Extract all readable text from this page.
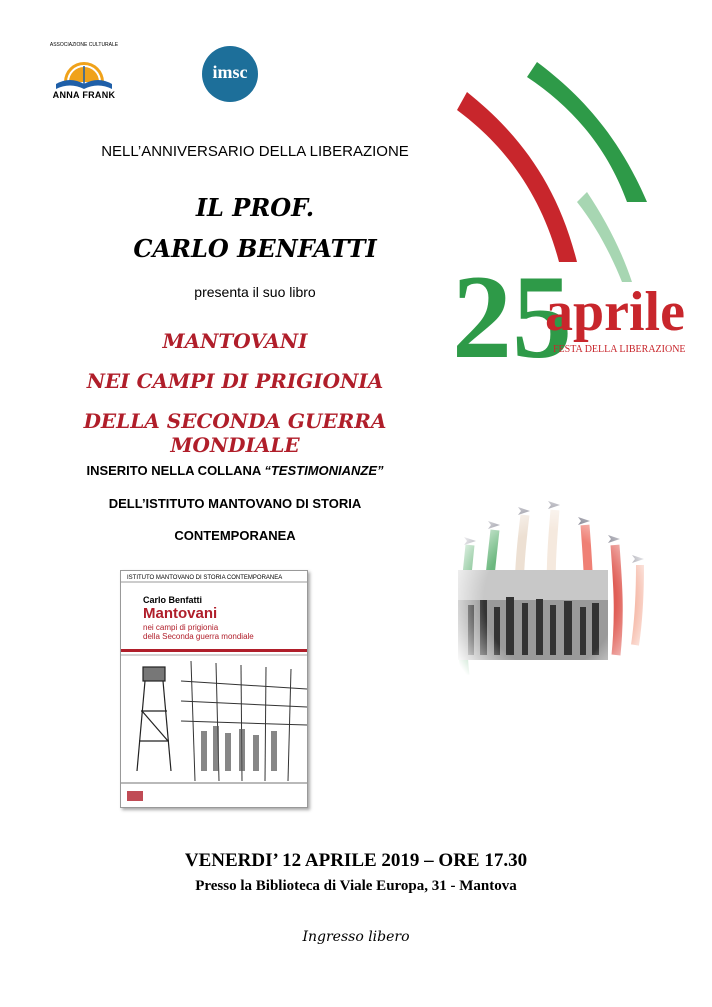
ASSOCIAZIONE CULTURALE
ANNA FRANK
imsc
NELL’ANNIVERSARIO DELLA LIBERAZIONE
IL PROF.
CARLO BENFATTI
presenta il suo libro
MANTOVANI
NEI CAMPI DI PRIGIONIA
DELLA SECONDA GUERRA MONDIALE
INSERITO NELLA COLLANA “TESTIMONIANZE”
DELL’ISTITUTO MANTOVANO DI STORIA
CONTEMPORANEA
ISTITUTO MANTOVANO DI STORIA CONTEMPORANEA
Carlo Benfatti
Mantovani
nei campi di prigionia
della Seconda guerra mondiale
25
aprile
FESTA DELLA LIBERAZIONE
VENERDI’ 12 APRILE 2019 – ORE 17.30
Presso la Biblioteca di Viale Europa, 31 - Mantova
Ingresso libero
